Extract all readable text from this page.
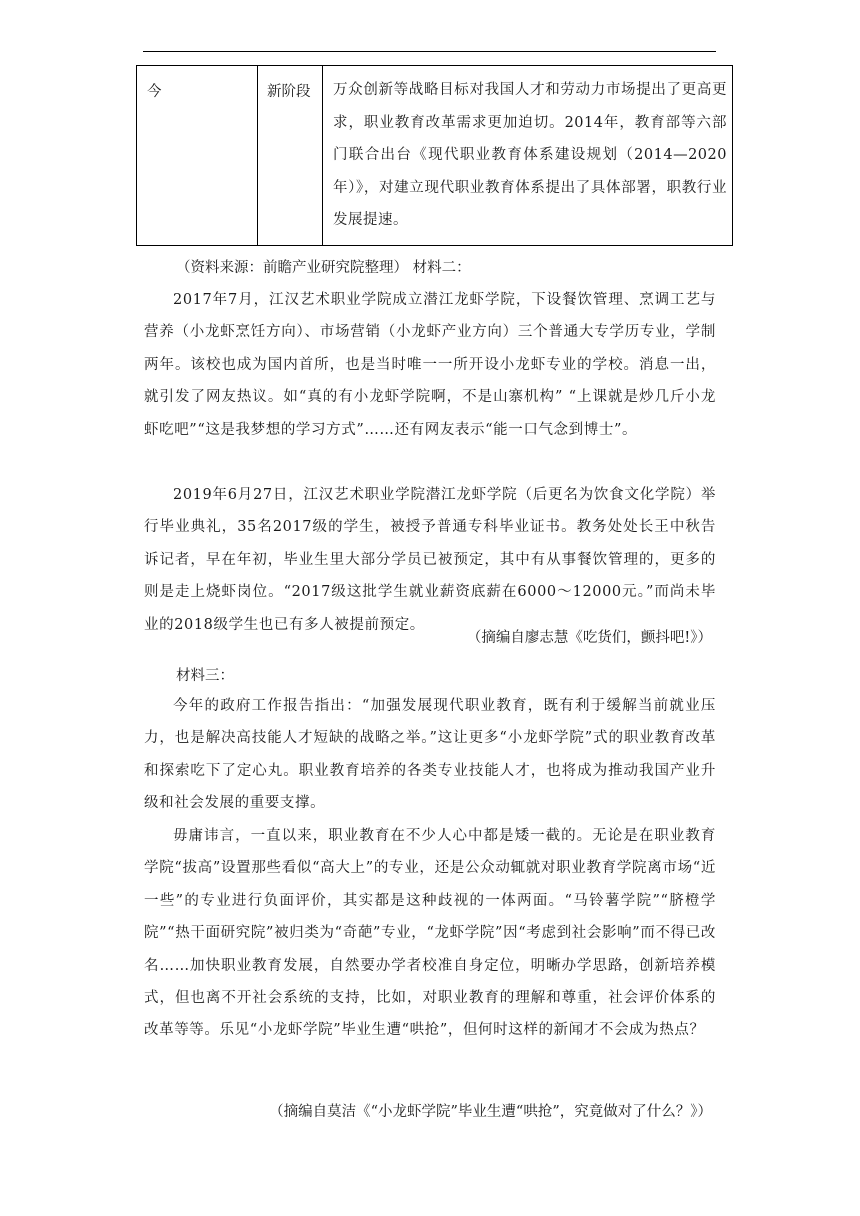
今	新阶段 万众创新等战略目标对我国人才和劳动力市场提出了更高更求，职业教育改革需求更加迫切。2014年，教育部等六部门联合出台《现代职业教育体系建设规划（2014—2020年）》，对建立现代职业教育体系提出了具体部署，职教行业发展提速。

（资料来源：前瞻产业研究院整理） 材料二：

2017年7月，江汉艺术职业学院成立潜江龙虾学院，下设餐饮管理、烹调工艺与营养（小龙虾烹饪方向）、市场营销（小龙虾产业方向）三个普通大专学历专业，学制两年。该校也成为国内首所，也是当时唯一一所开设小龙虾专业的学校。消息一出，就引发了网友热议。如“真的有小龙虾学院啊，不是山寨机构” “上课就是炒几斤小龙虾吃吧”“这是我梦想的学习方式”……还有网友表示“能一口气念到博士”。

2019年6月27日，江汉艺术职业学院潜江龙虾学院（后更名为饮食文化学院）举行毕业典礼，35名2017级的学生，被授予普通专科毕业证书。教务处处长王中秋告诉记者，早在年初，毕业生里大部分学员已被预定，其中有从事餐饮管理的，更多的则是走上烧虾岗位。“2017级这批学生就业薪资底薪在6000～12000元。”而尚未毕业的2018级学生也已有多人被提前预定。

（摘编自廖志慧《吃货们，颤抖吧!》）

材料三：

今年的政府工作报告指出：“加强发展现代职业教育，既有利于缓解当前就业压力，也是解决高技能人才短缺的战略之举。”这让更多“小龙虾学院”式的职业教育改革和探索吃下了定心丸。职业教育培养的各类专业技能人才，也将成为推动我国产业升级和社会发展的重要支撑。

毋庸讳言，一直以来，职业教育在不少人心中都是矮一截的。无论是在职业教育学院“拔高”设置那些看似“高大上”的专业，还是公众动辄就对职业教育学院离市场“近一些”的专业进行负面评价，其实都是这种歧视的一体两面。“马铃薯学院”“脐橙学院”“热干面研究院”被归类为“奇葩”专业，“龙虾学院”因“考虑到社会影响”而不得已改名……加快职业教育发展，自然要办学者校准自身定位，明晰办学思路，创新培养模式，但也离不开社会系统的支持，比如，对职业教育的理解和尊重，社会评价体系的改革等等。乐见“小龙虾学院”毕业生遭“哄抢”，但何时这样的新闻才不会成为热点？

（摘编自莫洁《“小龙虾学院”毕业生遭“哄抢”，究竟做对了什么？》）
